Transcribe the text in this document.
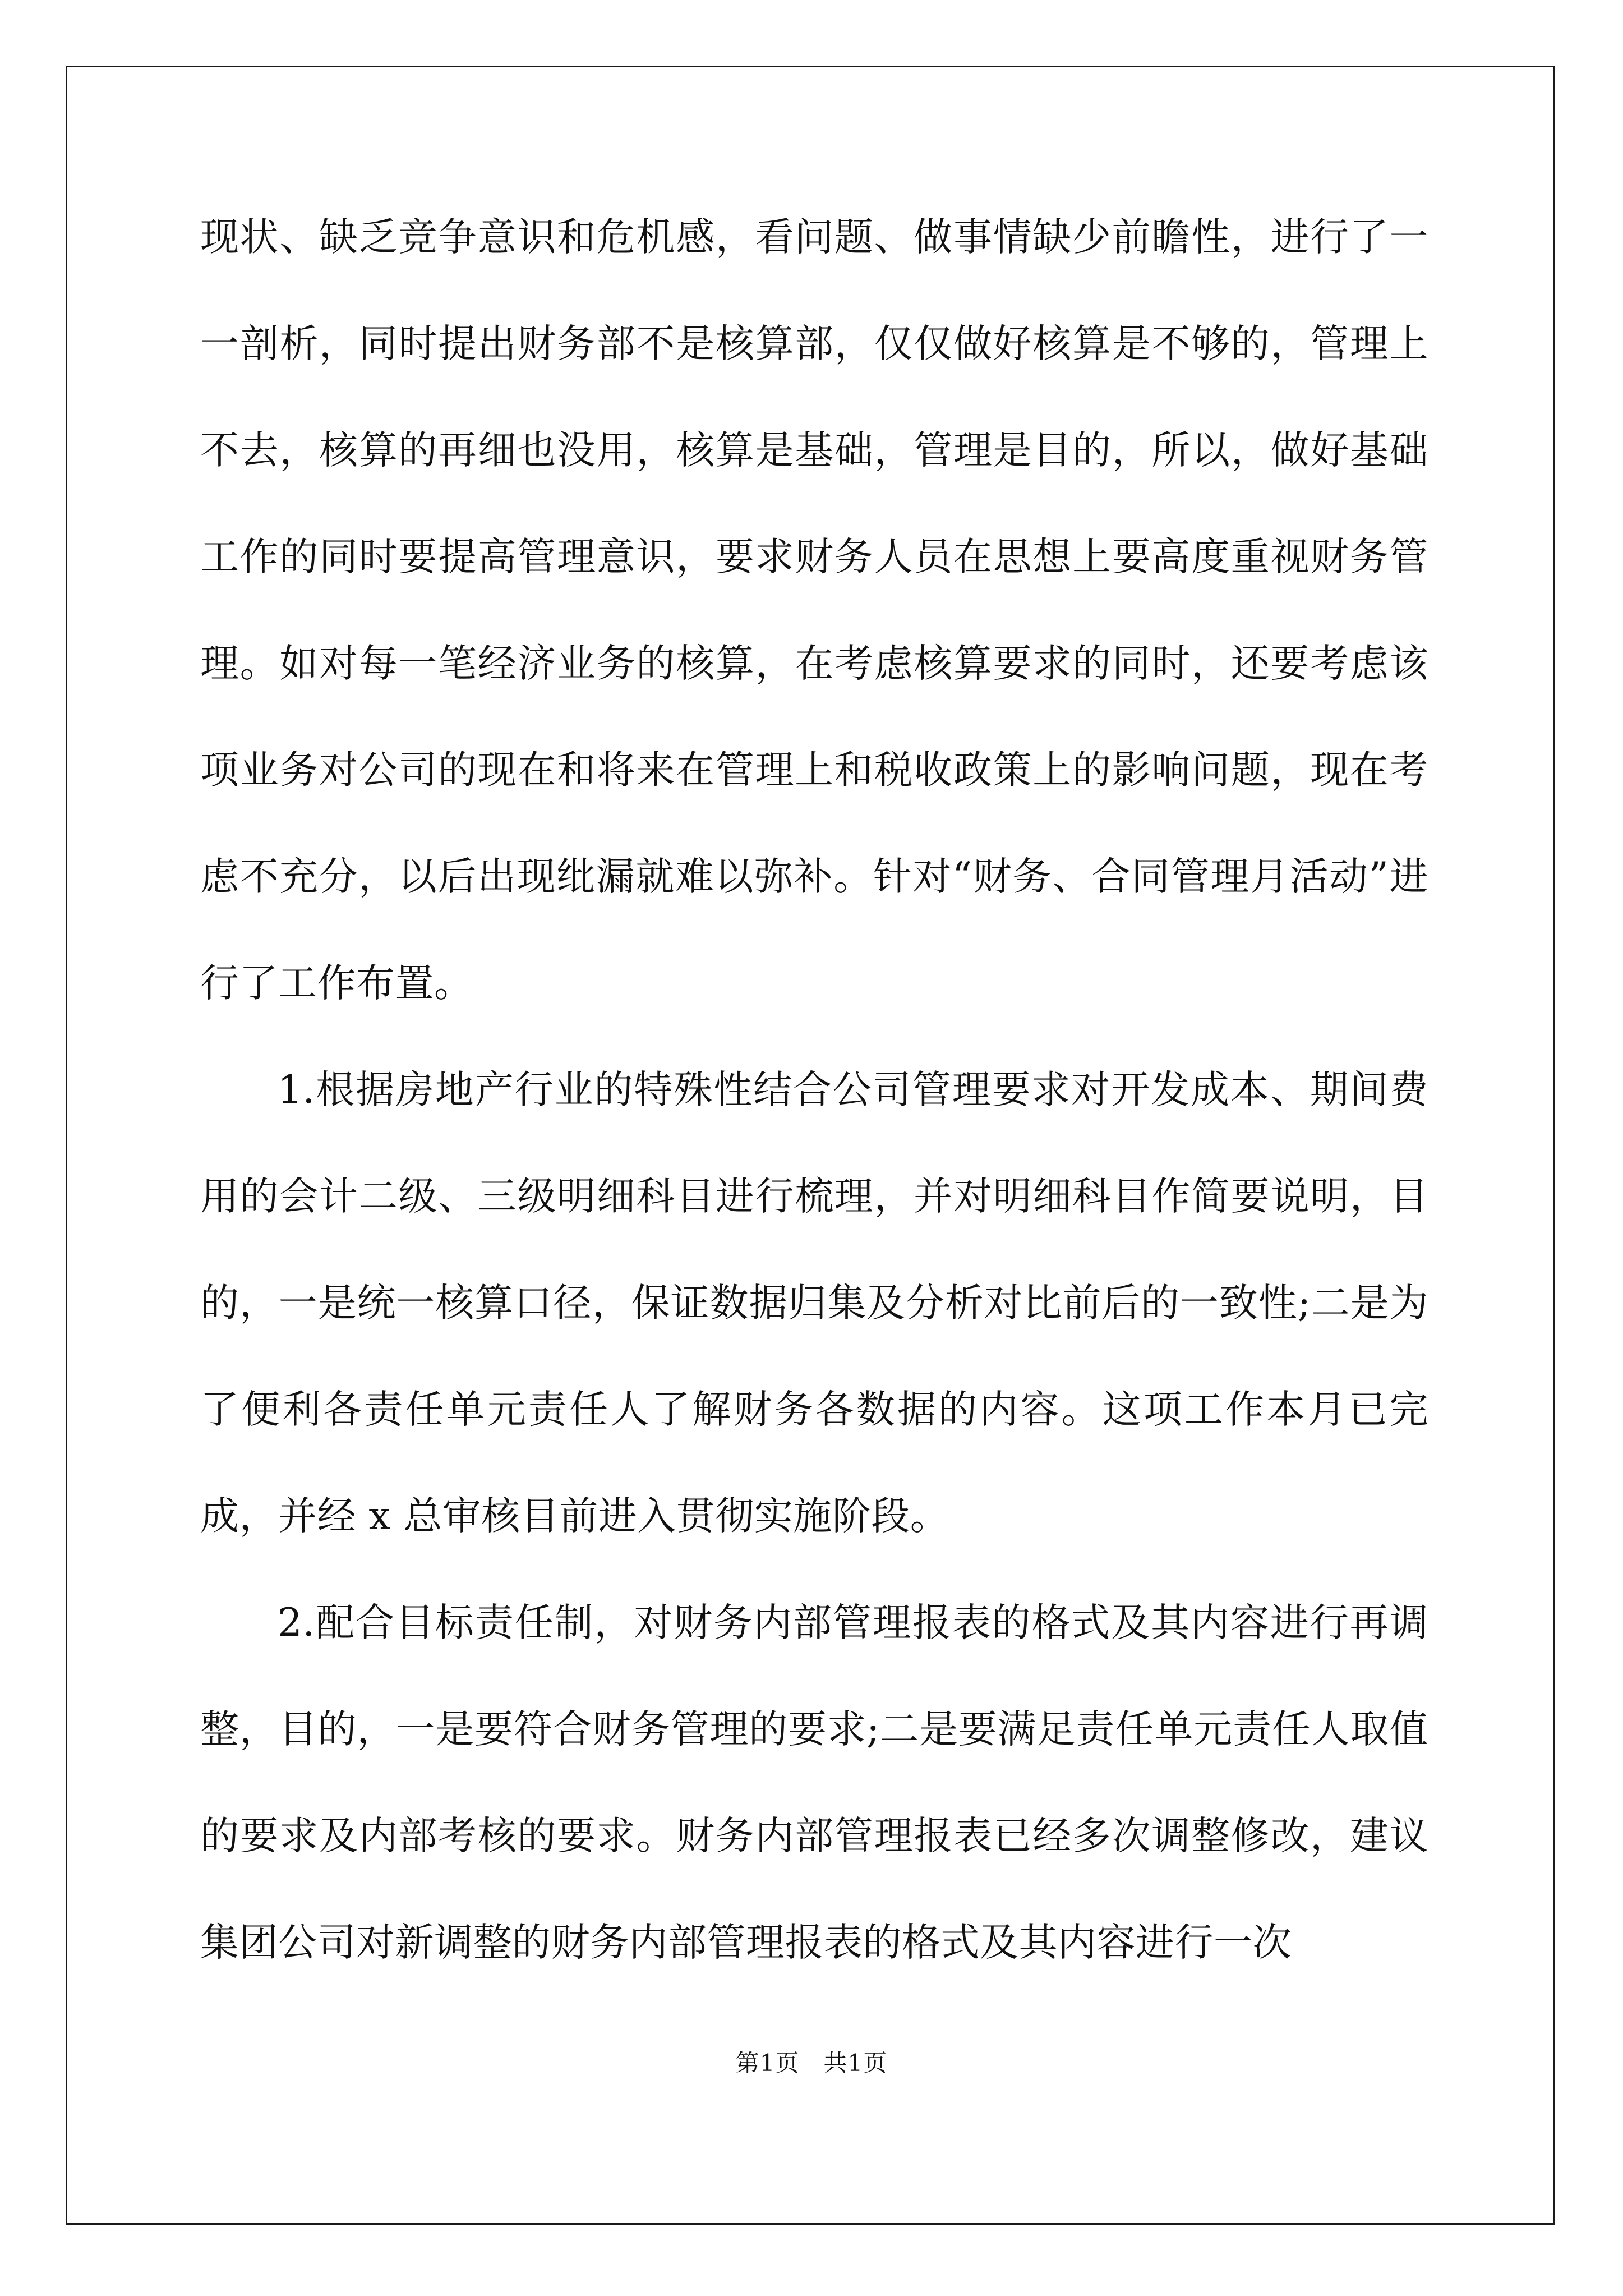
现状、缺乏竞争意识和危机感，看问题、做事情缺少前瞻性，进行了一一剖析，同时提出财务部不是核算部，仅仅做好核算是不够的，管理上不去，核算的再细也没用，核算是基础，管理是目的，所以，做好基础工作的同时要提高管理意识，要求财务人员在思想上要高度重视财务管理。如对每一笔经济业务的核算，在考虑核算要求的同时，还要考虑该项业务对公司的现在和将来在管理上和税收政策上的影响问题，现在考虑不充分，以后出现纰漏就难以弥补。针对“财务、合同管理月活动”进行了工作布置。

1.根据房地产行业的特殊性结合公司管理要求对开发成本、期间费用的会计二级、三级明细科目进行梳理，并对明细科目作简要说明，目的，一是统一核算口径，保证数据归集及分析对比前后的一致性;二是为了便利各责任单元责任人了解财务各数据的内容。这项工作本月已完成，并经 x 总审核目前进入贯彻实施阶段。

2.配合目标责任制，对财务内部管理报表的格式及其内容进行再调整，目的，一是要符合财务管理的要求;二是要满足责任单元责任人取值的要求及内部考核的要求。财务内部管理报表已经多次调整修改，建议集团公司对新调整的财务内部管理报表的格式及其内容进行一次

第1页 共1页
